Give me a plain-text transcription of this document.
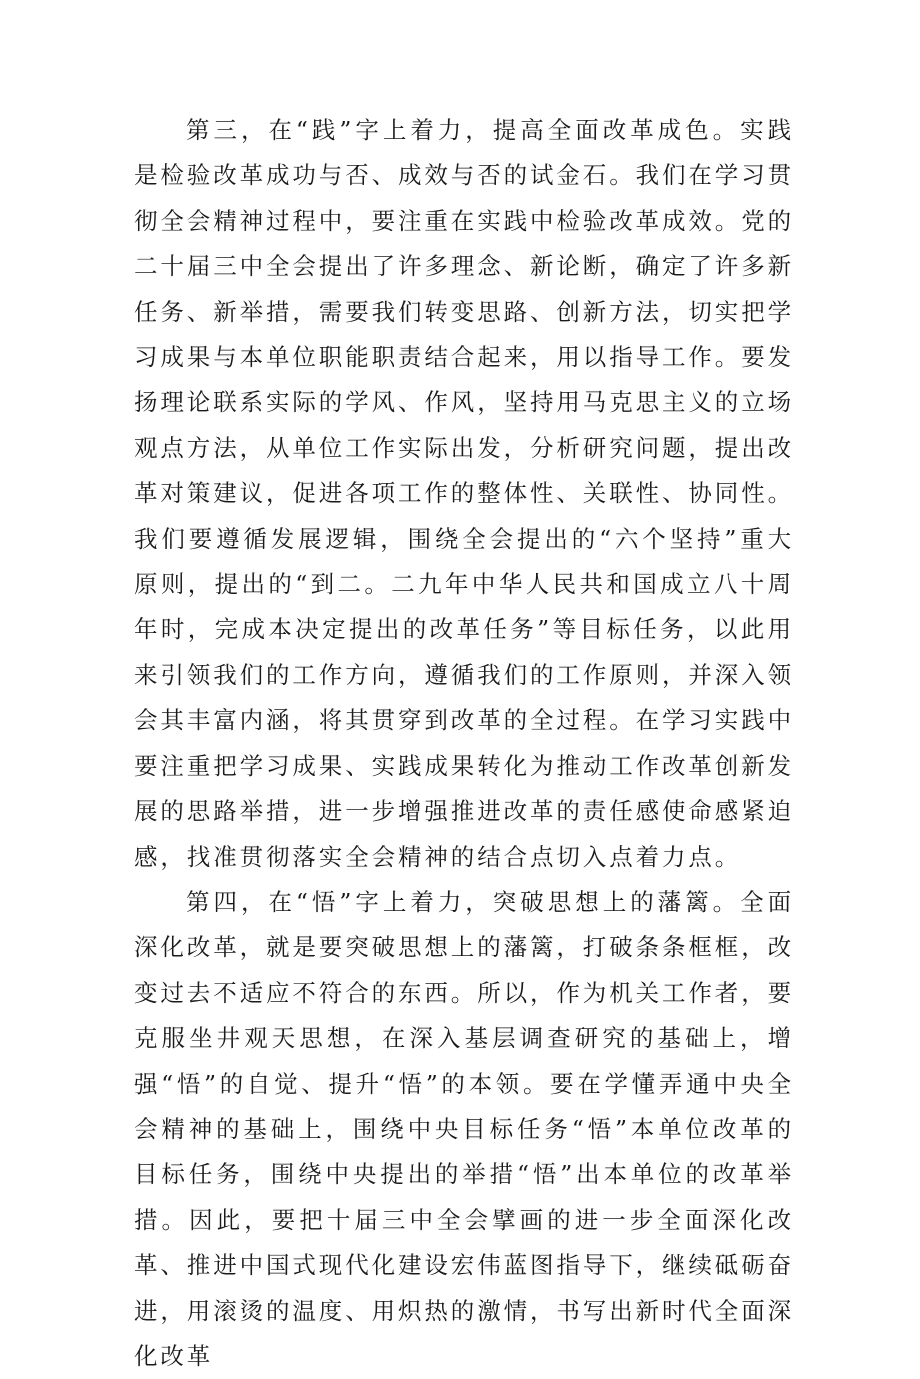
第三，在“践”字上着力，提高全面改革成色。实践是检验改革成功与否、成效与否的试金石。我们在学习贯彻全会精神过程中，要注重在实践中检验改革成效。党的二十届三中全会提出了许多理念、新论断，确定了许多新任务、新举措，需要我们转变思路、创新方法，切实把学习成果与本单位职能职责结合起来，用以指导工作。要发扬理论联系实际的学风、作风，坚持用马克思主义的立场观点方法，从单位工作实际出发，分析研究问题，提出改革对策建议，促进各项工作的整体性、关联性、协同性。我们要遵循发展逻辑，围绕全会提出的“六个坚持”重大原则，提出的“到二。二九年中华人民共和国成立八十周年时，完成本决定提出的改革任务”等目标任务，以此用来引领我们的工作方向，遵循我们的工作原则，并深入领会其丰富内涵，将其贯穿到改革的全过程。在学习实践中要注重把学习成果、实践成果转化为推动工作改革创新发展的思路举措，进一步增强推进改革的责任感使命感紧迫感，找准贯彻落实全会精神的结合点切入点着力点。

第四，在“悟”字上着力，突破思想上的藩篱。全面深化改革，就是要突破思想上的藩篱，打破条条框框，改变过去不适应不符合的东西。所以，作为机关工作者，要克服坐井观天思想，在深入基层调查研究的基础上，增强“悟”的自觉、提升“悟”的本领。要在学懂弄通中央全会精神的基础上，围绕中央目标任务“悟”本单位改革的目标任务，围绕中央提出的举措“悟”出本单位的改革举措。因此，要把十届三中全会擘画的进一步全面深化改革、推进中国式现代化建设宏伟蓝图指导下，继续砥砺奋进，用滚烫的温度、用炽热的激情，书写出新时代全面深化改革
